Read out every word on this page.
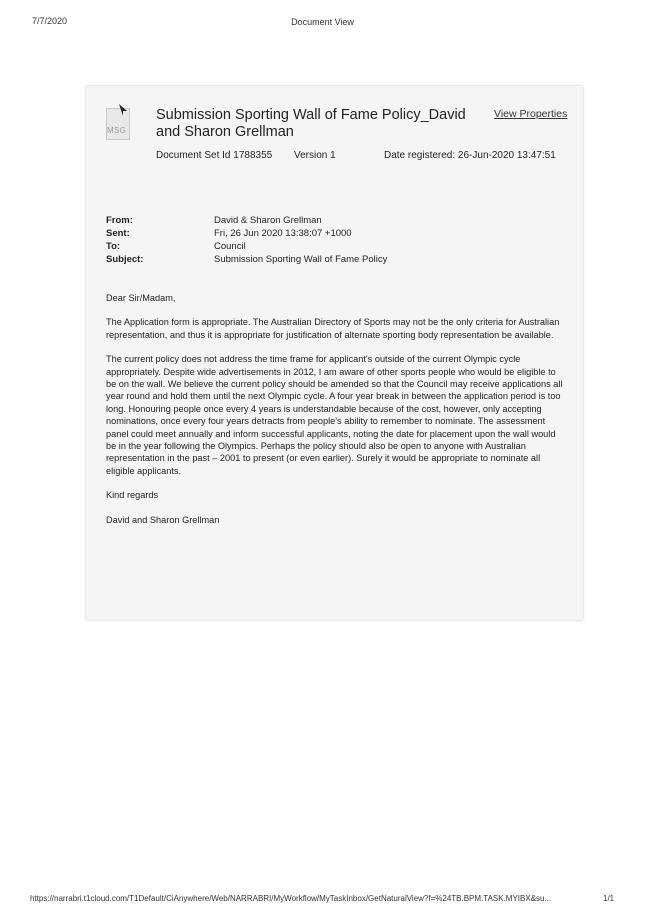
7/7/2020	Document View
MSG
Submission Sporting Wall of Fame Policy_David and Sharon Grellman
View Properties
Document Set Id 1788355 Version 1	Date registered: 26-Jun-2020 13:47:51
From:	David & Sharon Grellman
Sent:	Fri, 26 Jun 2020 13:38:07 +1000
To:	Council
Subject:	Submission Sporting Wall of Fame Policy

Dear Sir/Madam,

The Application form is appropriate. The Australian Directory of Sports may not be the only criteria for Australian representation, and thus it is appropriate for justification of alternate sporting body representation be available.

The current policy does not address the time frame for applicant's outside of the current Olympic cycle appropriately. Despite wide advertisements in 2012, I am aware of other sports people who would be eligible to be on the wall. We believe the current policy should be amended so that the Council may receive applications all year round and hold them until the next Olympic cycle. A four year break in between the application period is too long. Honouring people once every 4 years is understandable because of the cost, however, only accepting nominations, once every four years detracts from people's ability to remember to nominate. The assessment panel could meet annually and inform successful applicants, noting the date for placement upon the wall would be in the year following the Olympics. Perhaps the policy should also be open to anyone with Australian representation in the past – 2001 to present (or even earlier). Surely it would be appropriate to nominate all eligible applicants.

Kind regards

David and Sharon Grellman

https://narrabri.t1cloud.com/T1Default/CiAnywhere/Web/NARRABRI/MyWorkflow/MyTaskInbox/GetNaturalView?f=%24TB.BPM.TASK.MYIBX&su...	1/1
